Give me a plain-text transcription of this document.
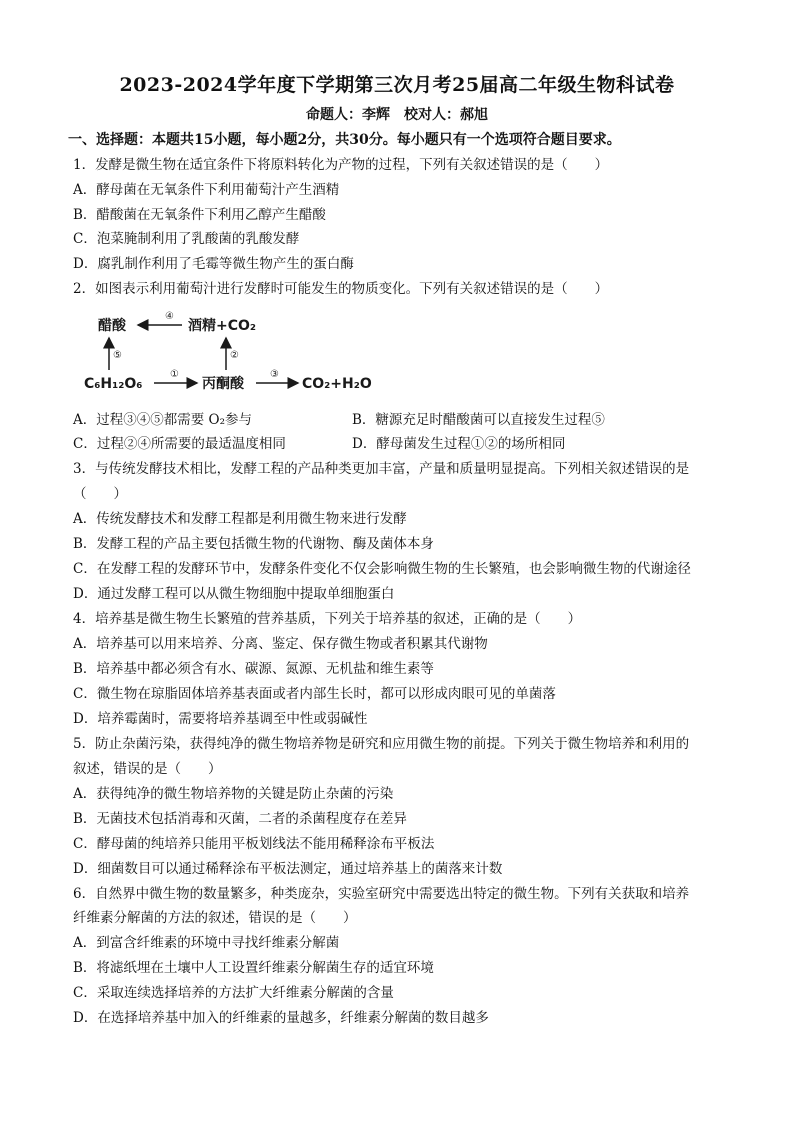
2023-2024学年度下学期第三次月考25届高二年级生物科试卷
命题人：李辉 校对人：郝旭
一、选择题：本题共15小题，每小题2分，共30分。每小题只有一个选项符合题目要求。
1．发酵是微生物在适宜条件下将原料转化为产物的过程，下列有关叙述错误的是（　　）
A．酵母菌在无氧条件下利用葡萄汁产生酒精
B．醋酸菌在无氧条件下利用乙醇产生醋酸
C．泡菜腌制利用了乳酸菌的乳酸发酵
D．腐乳制作利用了毛霉等微生物产生的蛋白酶
2．如图表示利用葡萄汁进行发酵时可能发生的物质变化。下列有关叙述错误的是（　　）
醋酸
④
酒精+CO₂
⑤	②
C₆H₁₂O₆
①
丙酮酸
③
CO₂+H₂O
A．过程③④⑤都需要 O₂参与	B．糖源充足时醋酸菌可以直接发生过程⑤
C．过程②④所需要的最适温度相同	D．酵母菌发生过程①②的场所相同
3．与传统发酵技术相比，发酵工程的产品种类更加丰富，产量和质量明显提高。下列相关叙述错误的是
（　　）
A．传统发酵技术和发酵工程都是利用微生物来进行发酵
B．发酵工程的产品主要包括微生物的代谢物、酶及菌体本身
C．在发酵工程的发酵环节中，发酵条件变化不仅会影响微生物的生长繁殖，也会影响微生物的代谢途径
D．通过发酵工程可以从微生物细胞中提取单细胞蛋白
4．培养基是微生物生长繁殖的营养基质，下列关于培养基的叙述，正确的是（　　）
A．培养基可以用来培养、分离、鉴定、保存微生物或者积累其代谢物
B．培养基中都必须含有水、碳源、氮源、无机盐和维生素等
C．微生物在琼脂固体培养基表面或者内部生长时，都可以形成肉眼可见的单菌落
D．培养霉菌时，需要将培养基调至中性或弱碱性
5．防止杂菌污染，获得纯净的微生物培养物是研究和应用微生物的前提。下列关于微生物培养和利用的
叙述，错误的是（　　）
A．获得纯净的微生物培养物的关键是防止杂菌的污染
B．无菌技术包括消毒和灭菌，二者的杀菌程度存在差异
C．酵母菌的纯培养只能用平板划线法不能用稀释涂布平板法
D．细菌数目可以通过稀释涂布平板法测定，通过培养基上的菌落来计数
6．自然界中微生物的数量繁多，种类庞杂，实验室研究中需要选出特定的微生物。下列有关获取和培养
纤维素分解菌的方法的叙述，错误的是（　　）
A．到富含纤维素的环境中寻找纤维素分解菌
B．将滤纸埋在土壤中人工设置纤维素分解菌生存的适宜环境
C．采取连续选择培养的方法扩大纤维素分解菌的含量
D．在选择培养基中加入的纤维素的量越多，纤维素分解菌的数目越多
